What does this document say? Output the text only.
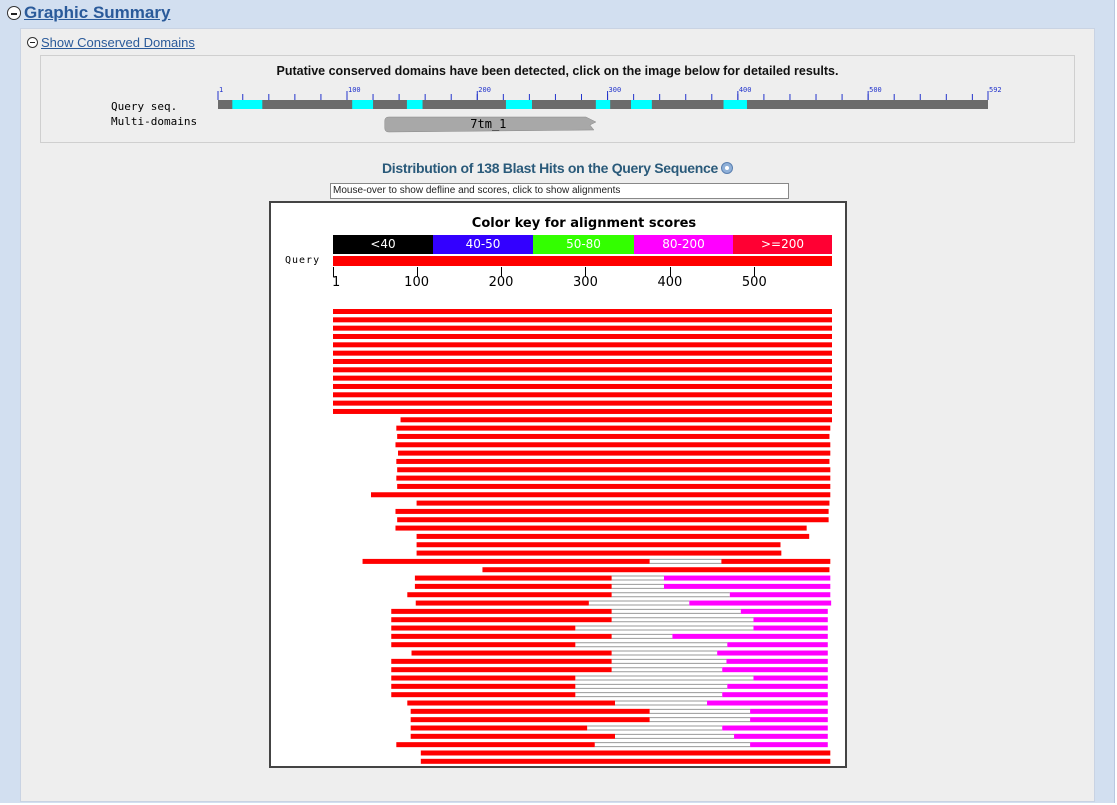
Graphic Summary
Show Conserved Domains
Putative conserved domains have been detected, click on the image below for detailed results.
Query seq.
Multi-domains
1	100	200	300	400	500	592
7tm_1
Distribution of 138 Blast Hits on the Query Sequence
Mouse-over to show defline and scores, click to show alignments
Color key for alignment scores
<40	40-50	50-80	80-200	>=200
Query
1	100	200	300	400	500
